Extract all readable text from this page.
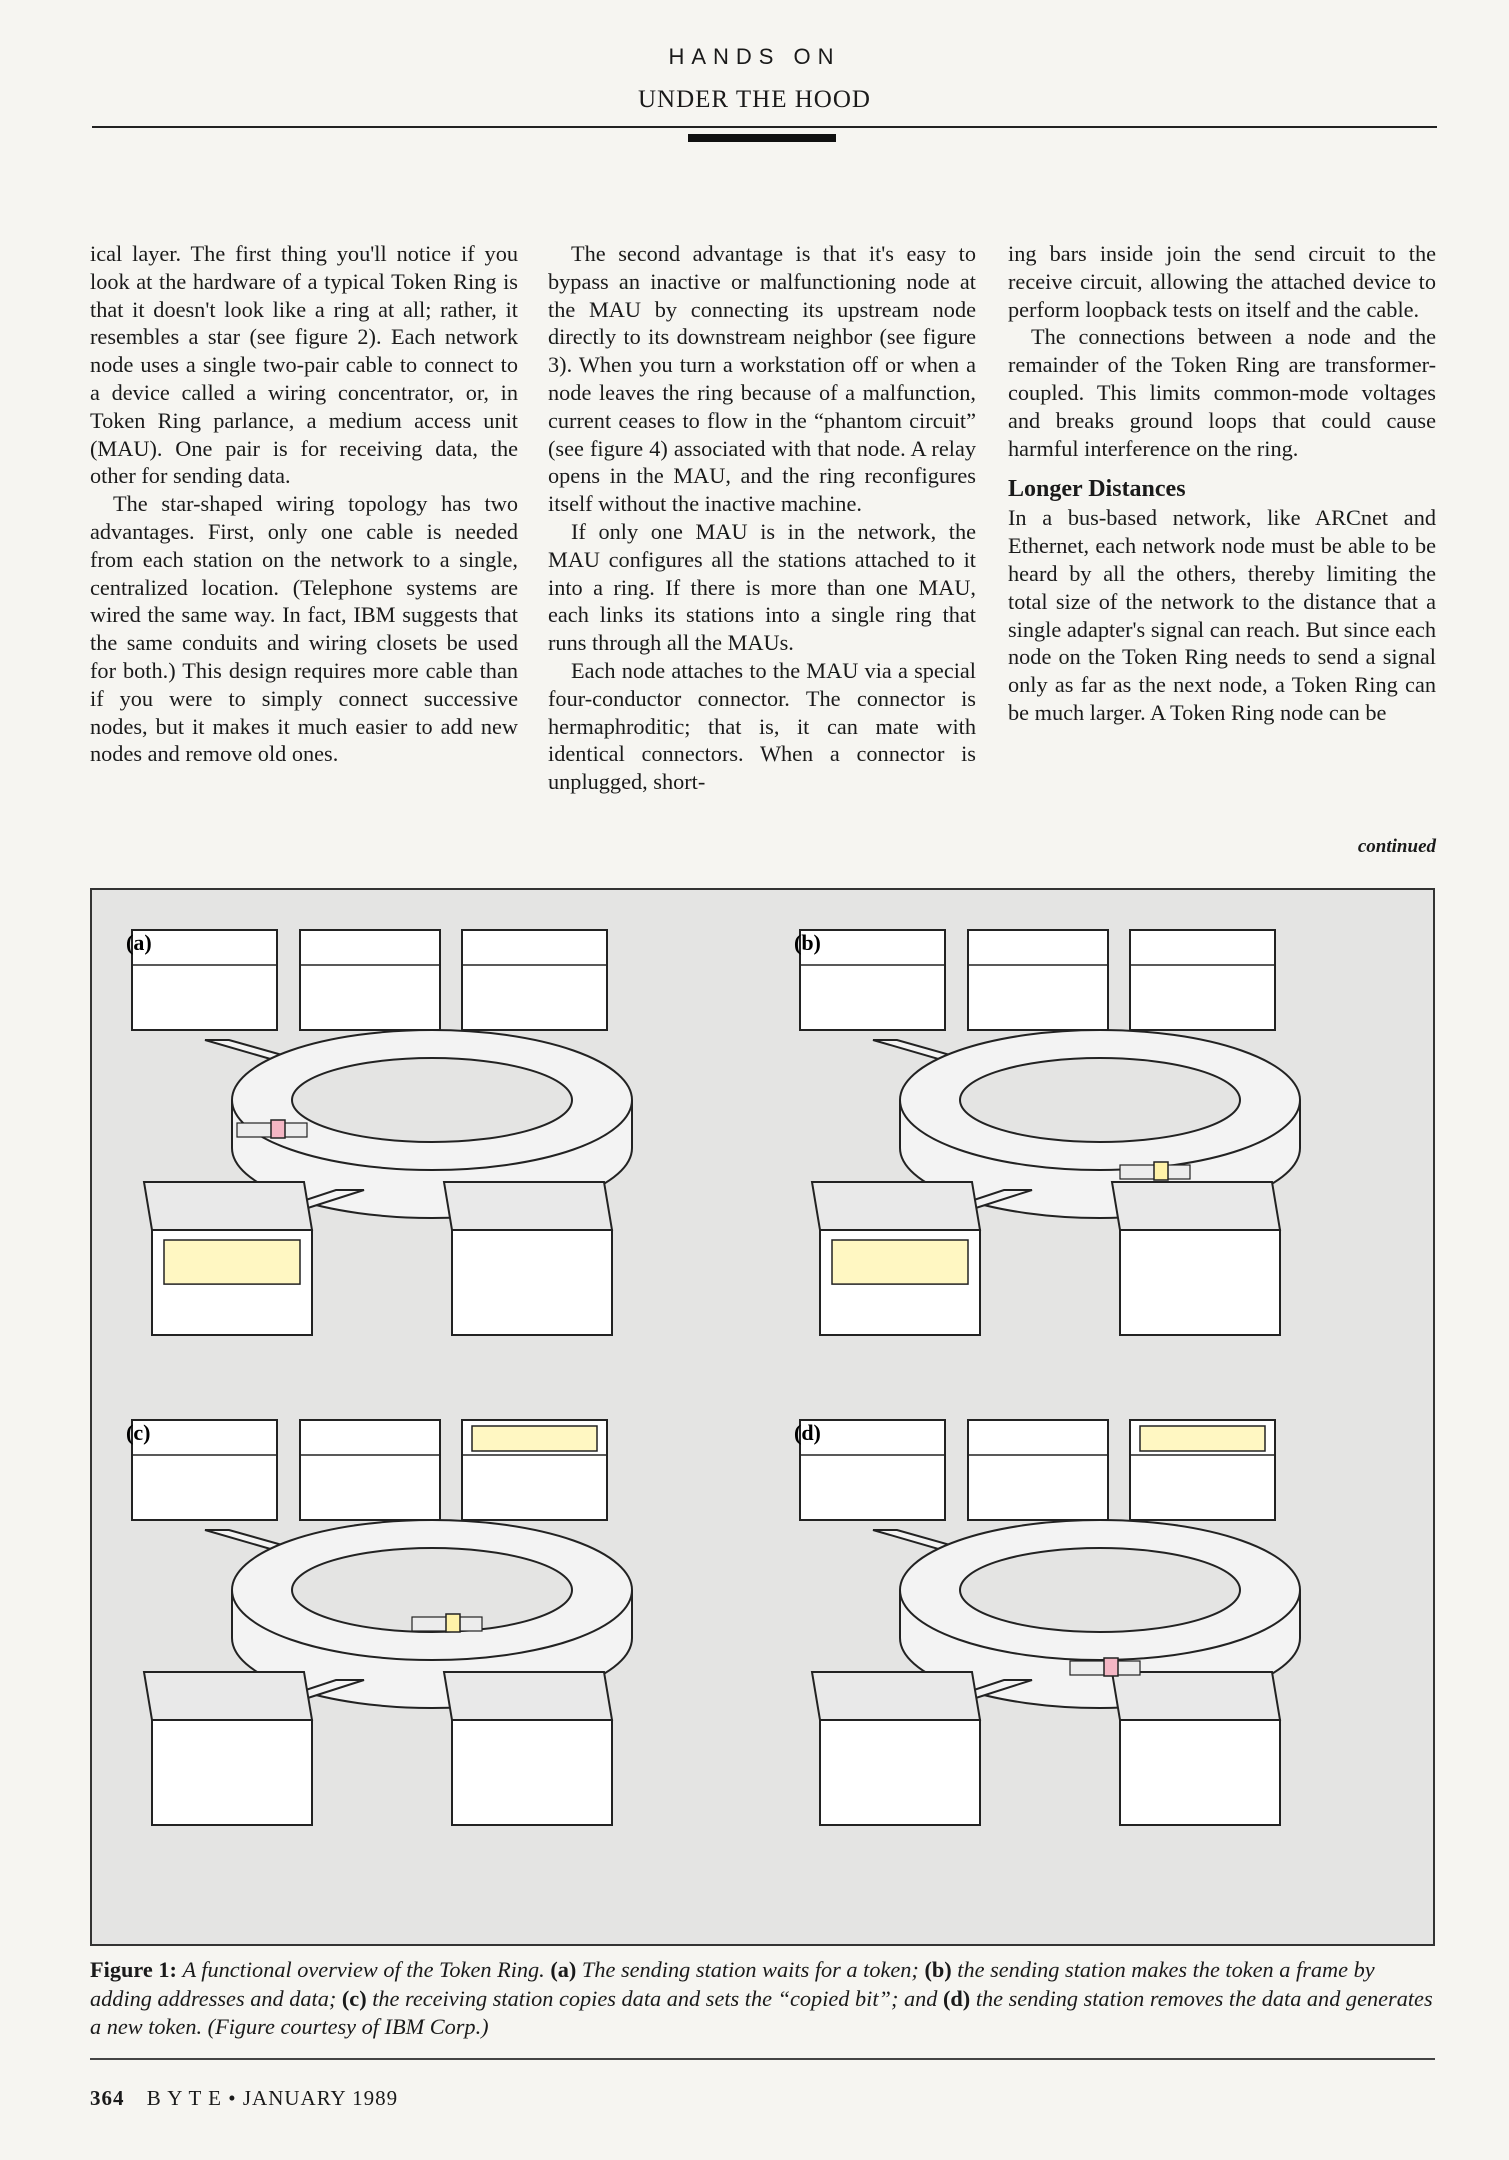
HANDS ON
UNDER THE HOOD

ical layer. The first thing you'll notice if you look at the hardware of a typical Token Ring is that it doesn't look like a ring at all; rather, it resembles a star (see figure 2). Each network node uses a single two-pair cable to connect to a device called a wiring concentrator, or, in Token Ring parlance, a medium access unit (MAU). One pair is for receiving data, the other for sending data.

The star-shaped wiring topology has two advantages. First, only one cable is needed from each station on the network to a single, centralized location. (Telephone systems are wired the same way. In fact, IBM suggests that the same conduits and wiring closets be used for both.) This design requires more cable than if you were to simply connect successive nodes, but it makes it much easier to add new nodes and remove old ones.

The second advantage is that it's easy to bypass an inactive or malfunctioning node at the MAU by connecting its upstream node directly to its downstream neighbor (see figure 3). When you turn a workstation off or when a node leaves the ring because of a malfunction, current ceases to flow in the “phantom circuit” (see figure 4) associated with that node. A relay opens in the MAU, and the ring reconfigures itself without the inactive machine.

If only one MAU is in the network, the MAU configures all the stations attached to it into a ring. If there is more than one MAU, each links its stations into a single ring that runs through all the MAUs.

Each node attaches to the MAU via a special four-conductor connector. The connector is hermaphroditic; that is, it can mate with identical connectors. When a connector is unplugged, short-

ing bars inside join the send circuit to the receive circuit, allowing the attached device to perform loopback tests on itself and the cable.

The connections between a node and the remainder of the Token Ring are transformer-coupled. This limits common-mode voltages and breaks ground loops that could cause harmful interference on the ring.

Longer Distances

In a bus-based network, like ARCnet and Ethernet, each network node must be able to be heard by all the others, thereby limiting the total size of the network to the distance that a single adapter's signal can reach. But since each node on the Token Ring needs to send a signal only as far as the next node, a Token Ring can be much larger. A Token Ring node can be

continued
(a)	(b)
(c)	(d)
Figure 1: A functional overview of the Token Ring. (a) The sending station waits for a token; (b) the sending station makes the token a frame by adding addresses and data; (c) the receiving station copies data and sets the “copied bit”; and (d) the sending station removes the data and generates a new token. (Figure courtesy of IBM Corp.)
364 B Y T E • JANUARY 1989
